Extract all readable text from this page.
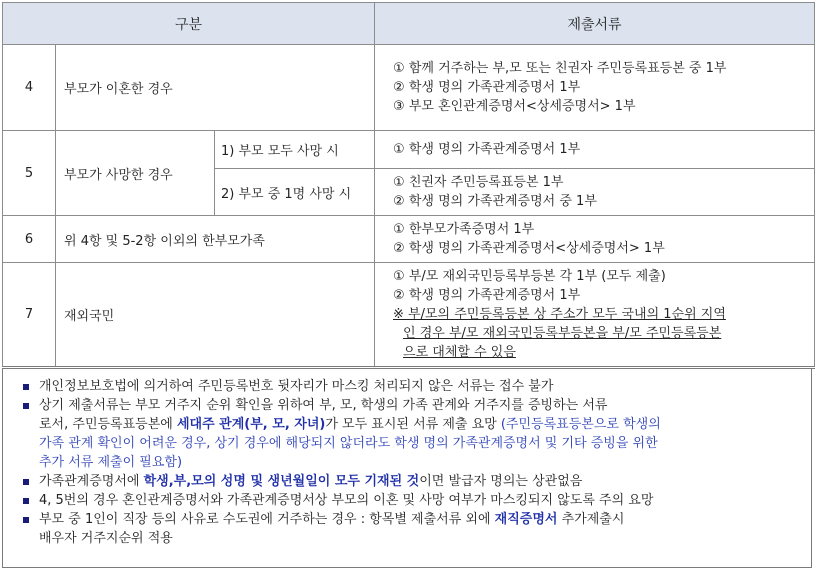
구분			제출서류
4	부모가 이혼한 경우		① 함께 거주하는 부,모 또는 친권자 주민등록표등본 중 1부
② 학생 명의 가족관계증명서 1부
③ 부모 혼인관계증명서<상세증명서> 1부

5	부모가 사망한 경우	1) 부모 모두 사망 시	① 학생 명의 가족관계증명서 1부

		2) 부모 중 1명 사망 시	① 친권자 주민등록표등본 1부
② 학생 명의 가족관계증명서 중 1부

6	위 4항 및 5-2항 이외의 한부모가족		① 한부모가족증명서 1부
② 학생 명의 가족관계증명서<상세증명서> 1부

7	재외국민		① 부/모 재외국민등록부등본 각 1부 (모두 제출)
② 학생 명의 가족관계증명서 1부
※ 부/모의 주민등록등본 상 주소가 모두 국내의 1순위 지역
인 경우 부/모 재외국민등록부등본을 부/모 주민등록등본
으로 대체할 수 있음
개인정보보호법에 의거하여 주민등록번호 뒷자리가 마스킹 처리되지 않은 서류는 접수 불가
상기 제출서류는 부모 거주지 순위 확인을 위하여 부, 모, 학생의 가족 관계와 거주지를 증빙하는 서류
로서, 주민등록표등본에 세대주 관계(부, 모, 자녀)가 모두 표시된 서류 제출 요망 (주민등록표등본으로 학생의
가족 관계 확인이 어려운 경우, 상기 경우에 해당되지 않더라도 학생 명의 가족관계증명서 및 기타 증빙을 위한
추가 서류 제출이 필요함)
가족관계증명서에 학생,부,모의 성명 및 생년월일이 모두 기재된 것이면 발급자 명의는 상관없음
4, 5번의 경우 혼인관계증명서와 가족관계증명서상 부모의 이혼 및 사망 여부가 마스킹되지 않도록 주의 요망
부모 중 1인이 직장 등의 사유로 수도권에 거주하는 경우 : 항목별 제출서류 외에 재직증명서 추가제출시
배우자 거주지순위 적용
